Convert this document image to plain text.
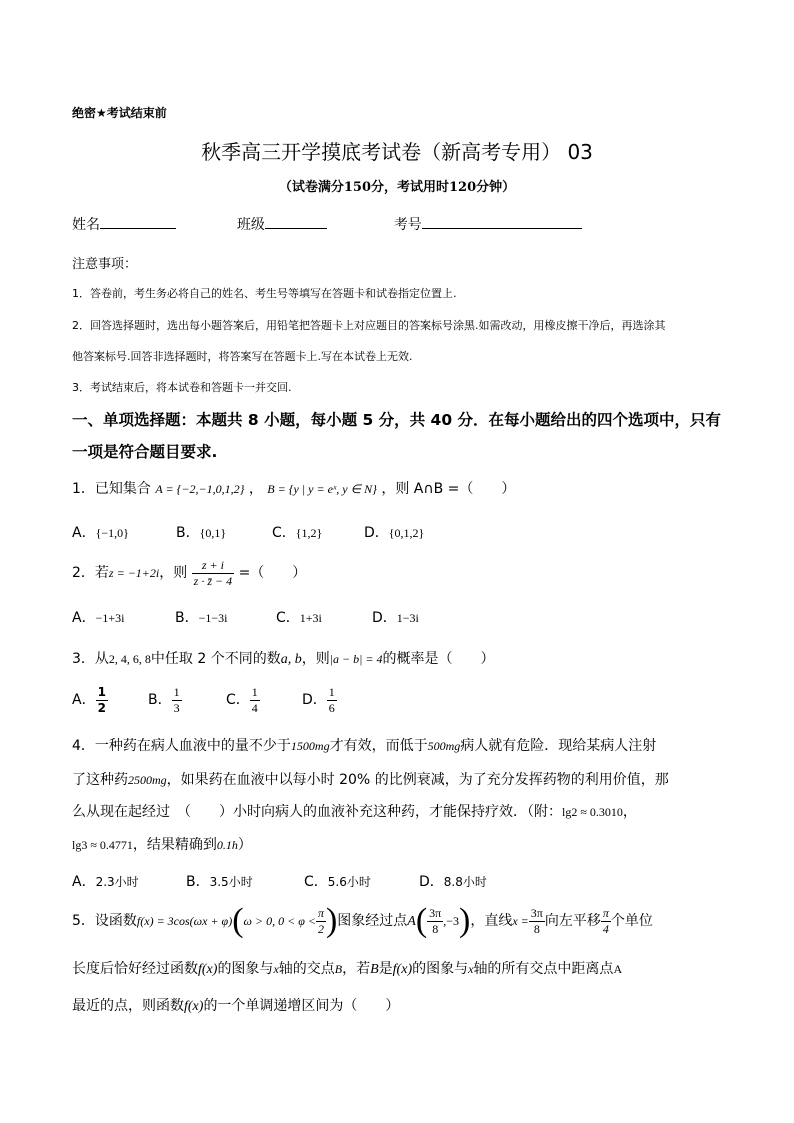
绝密★考试结束前
秋季高三开学摸底考试卷（新高考专用） 03
（试卷满分150分，考试用时120分钟）
姓名	班级	考号
注意事项：
1．答卷前，考生务必将自己的姓名、考生号等填写在答题卡和试卷指定位置上.
2．回答选择题时，选出每小题答案后，用铅笔把答题卡上对应题目的答案标号涂黑.如需改动，用橡皮擦干净后，再选涂其
他答案标号.回答非选择题时，将答案写在答题卡上.写在本试卷上无效.
3．考试结束后，将本试卷和答题卡一并交回.
一、单项选择题：本题共 8 小题，每小题 5 分，共 40 分．在每小题给出的四个选项中，只有
一项是符合题目要求.
1．已知集合 A = {−2,−1,0,1,2} ， B = {y | y = eˣ, y ∈ N} ，则 A∩B =（　　）
A．{−1,0}	B．{0,1}	C．{1,2}	D．{0,1,2}
2．若z = −1+2i，则 $\frac{z + i}{z \cdot z̄ - 4}$ =（　　）
A．−1+3i	B．−1−3i	C．1+3i	D．1−3i
3．从2, 4, 6, 8中任取 2 个不同的数a, b，则|a − b| = 4的概率是（　　）
A． $\frac{1}{2}$	B． $\frac{1}{3}$	C． $\frac{1}{4}$	D． $\frac{1}{6}$
4．一种药在病人血液中的量不少于1500mg才有效，而低于500mg病人就有危险．现给某病人注射
了这种药2500mg，如果药在血液中以每小时 20% 的比例衰减，为了充分发挥药物的利用价值，那
么从现在起经过　（　　）小时向病人的血液补充这种药，才能保持疗效．（附：lg2 ≈ 0.3010，
lg3 ≈ 0.4771，结果精确到0.1h）
A．2.3小时	B．3.5小时	C．5.6小时	D．8.8小时
5．设函数f(x) = 3cos(ωx + φ)(ω > 0, $0 < \varphi < \frac{\pi}{2}$ )图象经过点$A( \frac{3\pi}{8} ,-3)$，直线$x = \frac{3\pi}{8}$ 向左平移 $\frac{\pi}{4}$ 个单位
长度后恰好经过函数f(x)的图象与x轴的交点B，若B是f(x)的图象与x轴的所有交点中距离点A
最近的点，则函数f(x)的一个单调递增区间为（　　）
